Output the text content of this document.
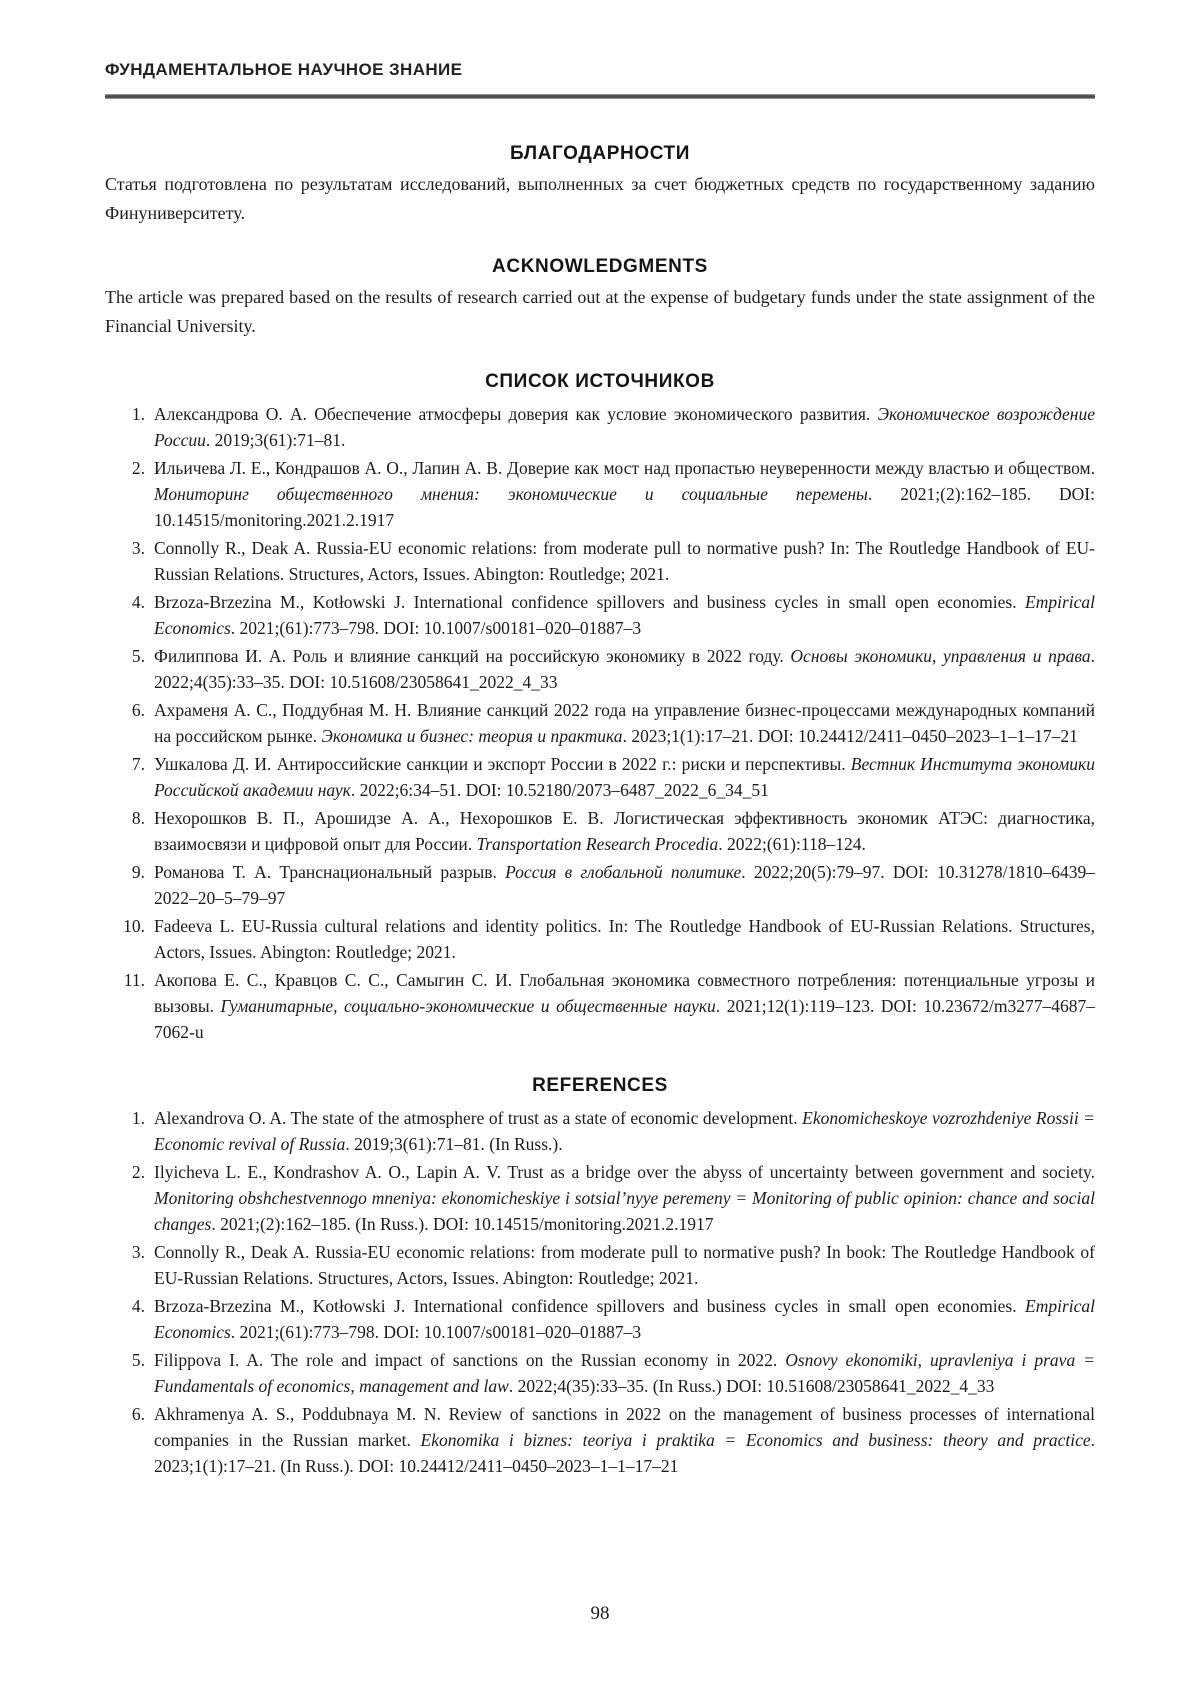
ФУНДАМЕНТАЛЬНОЕ НАУЧНОЕ ЗНАНИЕ
БЛАГОДАРНОСТИ

Статья подготовлена по результатам исследований, выполненных за счет бюджетных средств по государственному заданию Финуниверситету.

ACKNOWLEDGMENTS

The article was prepared based on the results of research carried out at the expense of budgetary funds under the state assignment of the Financial University.

СПИСОК ИСТОЧНИКОВ
1. Александрова О. А. Обеспечение атмосферы доверия как условие экономического развития. Экономическое возрождение России. 2019;3(61):71–81.
2. Ильичева Л. Е., Кондрашов А. О., Лапин А. В. Доверие как мост над пропастью неуверенности между властью и обществом. Мониторинг общественного мнения: экономические и социальные перемены. 2021;(2):162–185. DOI: 10.14515/monitoring.2021.2.1917
3. Connolly R., Deak A. Russia-EU economic relations: from moderate pull to normative push? In: The Routledge Handbook of EU-Russian Relations. Structures, Actors, Issues. Abington: Routledge; 2021.
4. Brzoza-Brzezina M., Kotłowski J. International confidence spillovers and business cycles in small open economies. Empirical Economics. 2021;(61):773–798. DOI: 10.1007/s00181–020–01887–3
5. Филиппова И. А. Роль и влияние санкций на российскую экономику в 2022 году. Основы экономики, управления и права. 2022;4(35):33–35. DOI: 10.51608/23058641_2022_4_33
6. Ахраменя А. С., Поддубная М. Н. Влияние санкций 2022 года на управление бизнес-процессами международных компаний на российском рынке. Экономика и бизнес: теория и практика. 2023;1(1):17–21. DOI: 10.24412/2411–0450–2023–1–1–17–21
7. Ушкалова Д. И. Антироссийские санкции и экспорт России в 2022 г.: риски и перспективы. Вестник Института экономики Российской академии наук. 2022;6:34–51. DOI: 10.52180/2073–6487_2022_6_34_51
8. Нехорошков В. П., Арошидзе А. А., Нехорошков Е. В. Логистическая эффективность экономик АТЭС: диагностика, взаимосвязи и цифровой опыт для России. Transportation Research Procedia. 2022;(61):118–124.
9. Романова Т. А. Транснациональный разрыв. Россия в глобальной политике. 2022;20(5):79–97. DOI: 10.31278/1810–6439–2022–20–5–79–97
10. Fadeeva L. EU-Russia cultural relations and identity politics. In: The Routledge Handbook of EU-Russian Relations. Structures, Actors, Issues. Abington: Routledge; 2021.
11. Акопова Е. С., Кравцов С. С., Самыгин С. И. Глобальная экономика совместного потребления: потенциальные угрозы и вызовы. Гуманитарные, социально-экономические и общественные науки. 2021;12(1):119–123. DOI: 10.23672/m3277–4687–7062-u
REFERENCES
1. Alexandrova O. A. The state of the atmosphere of trust as a state of economic development. Ekonomicheskoye vozrozhdeniye Rossii = Economic revival of Russia. 2019;3(61):71–81. (In Russ.).
2. Ilyicheva L. E., Kondrashov A. O., Lapin A. V. Trust as a bridge over the abyss of uncertainty between government and society. Monitoring obshchestvennogo mneniya: ekonomicheskiye i sotsial’nyye peremeny = Monitoring of public opinion: chance and social changes. 2021;(2):162–185. (In Russ.). DOI: 10.14515/monitoring.2021.2.1917
3. Connolly R., Deak A. Russia-EU economic relations: from moderate pull to normative push? In book: The Routledge Handbook of EU-Russian Relations. Structures, Actors, Issues. Abington: Routledge; 2021.
4. Brzoza-Brzezina M., Kotłowski J. International confidence spillovers and business cycles in small open economies. Empirical Economics. 2021;(61):773–798. DOI: 10.1007/s00181–020–01887–3
5. Filippova I. A. The role and impact of sanctions on the Russian economy in 2022. Osnovy ekonomiki, upravleniya i prava = Fundamentals of economics, management and law. 2022;4(35):33–35. (In Russ.) DOI: 10.51608/23058641_2022_4_33
6. Akhramenya A. S., Poddubnaya M. N. Review of sanctions in 2022 on the management of business processes of international companies in the Russian market. Ekonomika i biznes: teoriya i praktika = Economics and business: theory and practice. 2023;1(1):17–21. (In Russ.). DOI: 10.24412/2411–0450–2023–1–1–17–21
98
